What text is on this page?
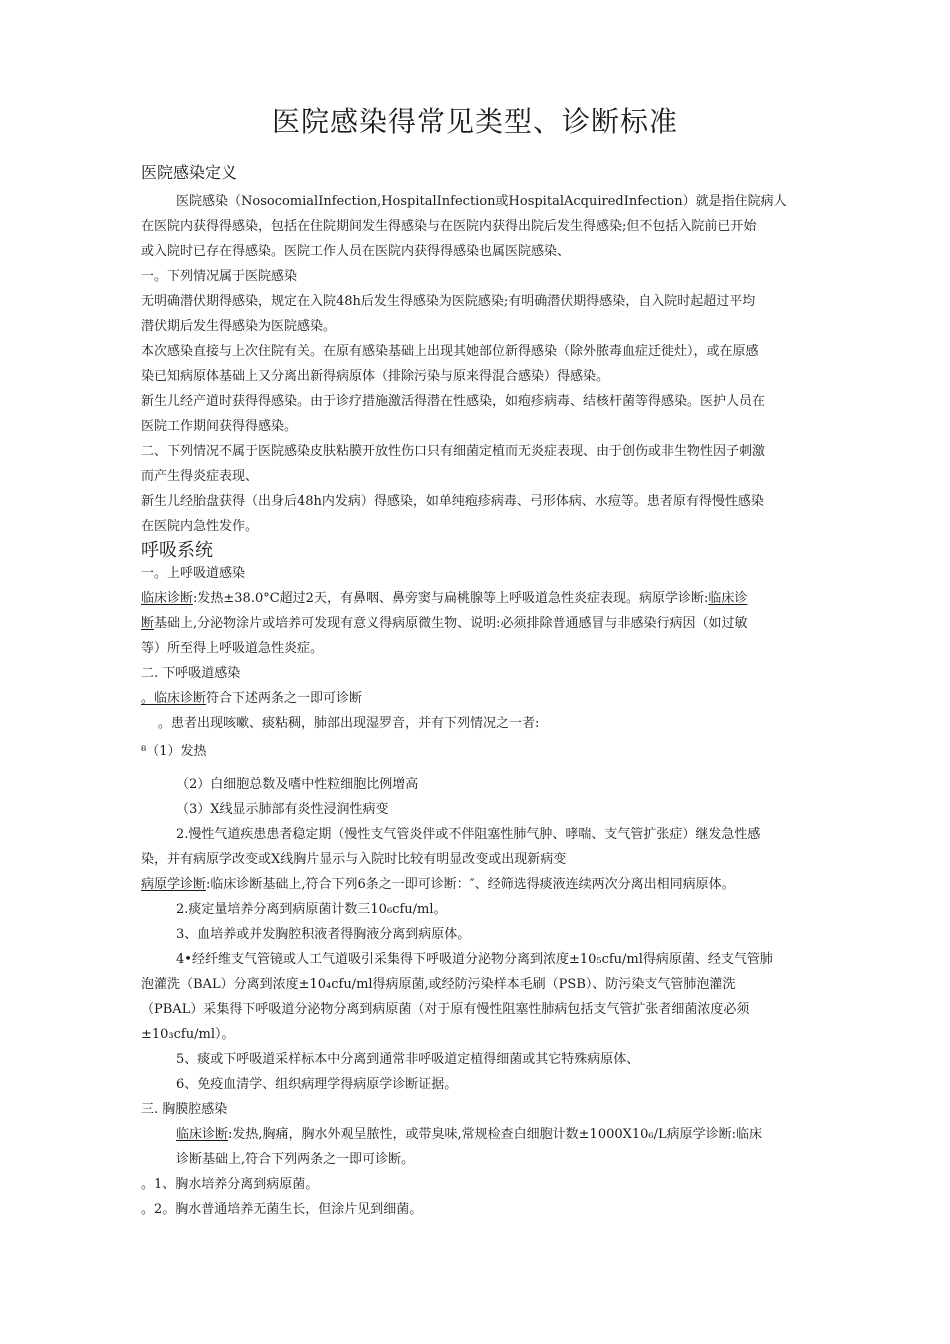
医院感染得常见类型、诊断标准
医院感染定义
医院感染（NosocomialInfection,HospitalInfection或HospitalAcquiredInfection）就是指住院病人
在医院内获得得感染，包括在住院期间发生得感染与在医院内获得出院后发生得感染;但不包括入院前已开始
或入院时已存在得感染。医院工作人员在医院内获得得感染也属医院感染、
一。下列情况属于医院感染
无明确潜伏期得感染，规定在入院48h后发生得感染为医院感染;有明确潜伏期得感染，自入院时起超过平均
潜伏期后发生得感染为医院感染。
本次感染直接与上次住院有关。在原有感染基础上出现其她部位新得感染（除外脓毒血症迁徙灶），或在原感
染已知病原体基础上又分离出新得病原体（排除污染与原来得混合感染）得感染。
新生儿经产道时获得得感染。由于诊疗措施激活得潜在性感染，如疱疹病毒、结核杆菌等得感染。医护人员在
医院工作期间获得得感染。
二、下列情况不属于医院感染皮肤粘膜开放性伤口只有细菌定植而无炎症表现、由于创伤或非生物性因子刺激
而产生得炎症表现、
新生儿经胎盘获得（出身后48h内发病）得感染，如单纯疱疹病毒、弓形体病、水痘等。患者原有得慢性感染
在医院内急性发作。
呼吸系统
一。上呼吸道感染
临床诊断:发热±38.0°C超过2天，有鼻咽、鼻旁窦与扁桃腺等上呼吸道急性炎症表现。病原学诊断:临床诊
断基础上,分泌物涂片或培养可发现有意义得病原微生物、说明:必须排除普通感冒与非感染行病因（如过敏
等）所至得上呼吸道急性炎症。
二. 下呼吸道感染
。临床诊断符合下述两条之一即可诊断
。患者出现咳嗽、痰粘稠，肺部出现湿罗音，并有下列情况之一者:
⁸（1）发热
（2）白细胞总数及嗜中性粒细胞比例增高
（3）X线显示肺部有炎性浸润性病变
2.慢性气道疾患患者稳定期（慢性支气管炎伴或不伴阻塞性肺气肿、哮喘、支气管扩张症）继发急性感
染，并有病原学改变或X线胸片显示与入院时比较有明显改变或出现新病变
病原学诊断:临床诊断基础上,符合下列6条之一即可诊断：″、经筛选得痰液连续两次分离出相同病原体。
2.痰定量培养分离到病原菌计数三10₆cfu/ml。
3、血培养或并发胸腔积液者得胸液分离到病原体。
4•经纤维支气管镜或人工气道吸引采集得下呼吸道分泌物分离到浓度±10₅cfu/ml得病原菌、经支气管肺
泡灌洗（BAL）分离到浓度±10₄cfu/ml得病原菌,或经防污染样本毛刷（PSB）、防污染支气管肺泡灌洗
（PBAL）采集得下呼吸道分泌物分离到病原菌（对于原有慢性阻塞性肺病包括支气管扩张者细菌浓度必须
±10₃cfu/ml）。
5、痰或下呼吸道采样标本中分离到通常非呼吸道定植得细菌或其它特殊病原体、
6、免疫血清学、组织病理学得病原学诊断证据。
三. 胸膜腔感染
临床诊断:发热,胸痛，胸水外观呈脓性，或带臭味,常规检查白细胞计数±1000X10₆/L病原学诊断:临床
诊断基础上,符合下列两条之一即可诊断。
。1、胸水培养分离到病原菌。
。2。胸水普通培养无菌生长，但涂片见到细菌。
